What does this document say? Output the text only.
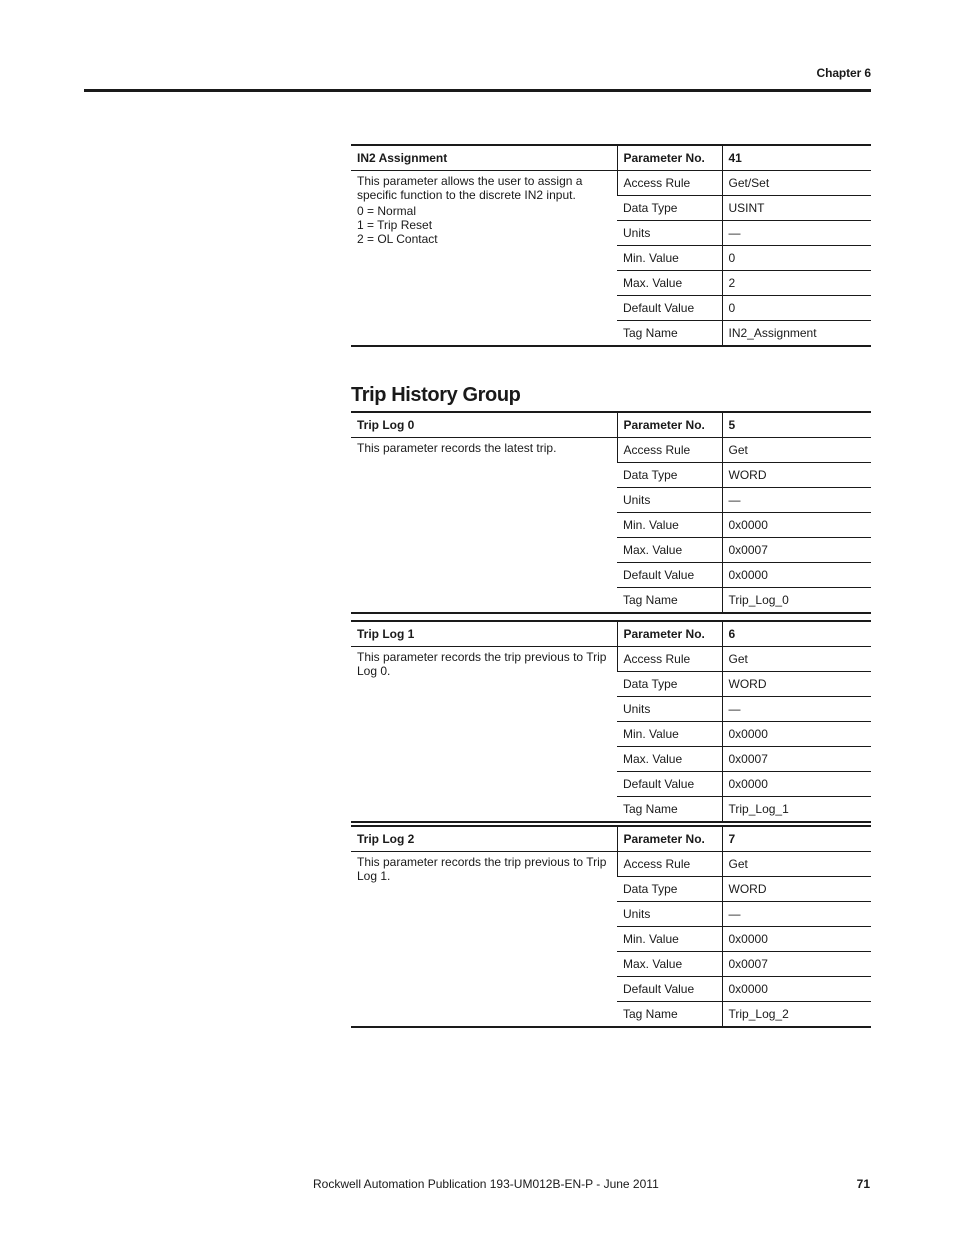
Chapter 6
Trip History Group
IN2 Assignment	Parameter No.	41

This parameter allows the user to assign a
specific function to the discrete IN2 input.
0 = Normal
1 = Trip Reset
2 = OL Contact	Access Rule	Get/Set
	Data Type	USINT
	Units	—
	Min. Value	0
	Max. Value	2
	Default Value	0
	Tag Name	IN2_Assignment
Trip Log 0	Parameter No.	5

This parameter records the latest trip.	Access Rule	Get
	Data Type	WORD
	Units	—
	Min. Value	0x0000
	Max. Value	0x0007
	Default Value	0x0000
	Tag Name	Trip_Log_0
Trip Log 1	Parameter No.	6

This parameter records the trip previous to Trip
Log 0.	Access Rule	Get
	Data Type	WORD
	Units	—
	Min. Value	0x0000
	Max. Value	0x0007
	Default Value	0x0000
	Tag Name	Trip_Log_1
Trip Log 2	Parameter No.	7

This parameter records the trip previous to Trip
Log 1.	Access Rule	Get
	Data Type	WORD
	Units	—
	Min. Value	0x0000
	Max. Value	0x0007
	Default Value	0x0000
	Tag Name	Trip_Log_2
Rockwell Automation Publication 193-UM012B-EN-P - June 2011	71
